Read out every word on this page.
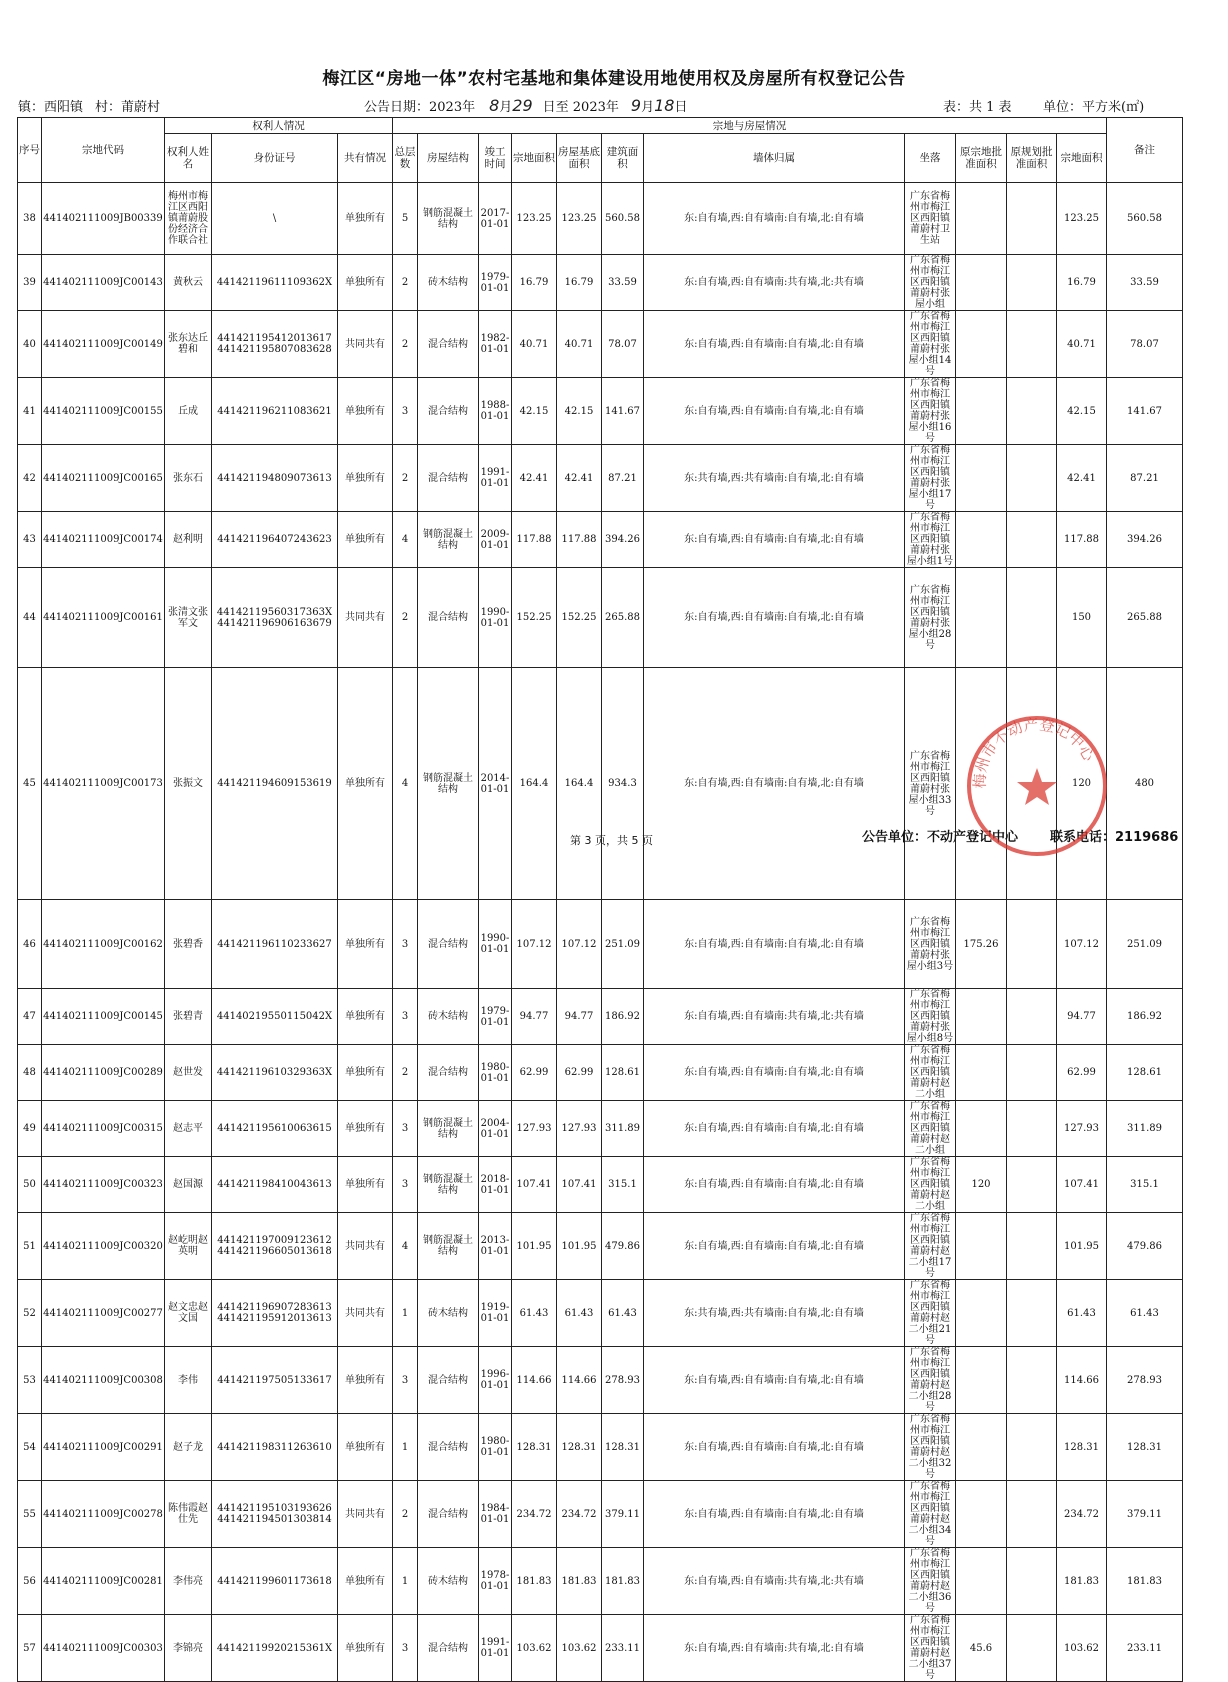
梅江区“房地一体”农村宅基地和集体建设用地使用权及房屋所有权登记公告
镇：西阳镇 村：莆蔚村	公告日期：2023年 8月29 日至 2023年 9月18日	表：共 1 表 单位：平方米(㎡)
序号	宗地代码	权利人情况			宗地与房屋情况											备注	
		权利人姓名	身份证号	共有情况	总层数	房屋结构	竣工时间	宗地面积	房屋基底面积	建筑面积	墙体归属	坐落	原宗地批准面积	原规划批准面积	宗地面积	
38	441402111009JB00339	梅州市梅江区西阳镇莆蔚股份经济合作联合社	\	单独所有	5	钢筋混凝土结构	2017-01-01	123.25	123.25	560.58	东:自有墙,西:自有墙南:自有墙,北:自有墙	广东省梅州市梅江区西阳镇莆蔚村卫生站			123.25	560.58	
39	441402111009JC00143	黄秋云	44142119611109362X	单独所有	2	砖木结构	1979-01-01	16.79	16.79	33.59	东:自有墙,西:自有墙南:共有墙,北:共有墙	广东省梅州市梅江区西阳镇莆蔚村张屋小组			16.79	33.59	
40	441402111009JC00149	张东达丘碧和	441421195412013617 441421195807083628	共同共有	2	混合结构	1982-01-01	40.71	40.71	78.07	东:自有墙,西:自有墙南:自有墙,北:自有墙	广东省梅州市梅江区西阳镇莆蔚村张屋小组14号			40.71	78.07	
41	441402111009JC00155	丘成	441421196211083621	单独所有	3	混合结构	1988-01-01	42.15	42.15	141.67	东:自有墙,西:自有墙南:自有墙,北:自有墙	广东省梅州市梅江区西阳镇莆蔚村张屋小组16号			42.15	141.67	
42	441402111009JC00165	张东石	441421194809073613	单独所有	2	混合结构	1991-01-01	42.41	42.41	87.21	东:共有墙,西:共有墙南:自有墙,北:自有墙	广东省梅州市梅江区西阳镇莆蔚村张屋小组17号			42.41	87.21	
43	441402111009JC00174	赵利明	441421196407243623	单独所有	4	钢筋混凝土结构	2009-01-01	117.88	117.88	394.26	东:自有墙,西:自有墙南:自有墙,北:自有墙	广东省梅州市梅江区西阳镇莆蔚村张屋小组1号			117.88	394.26	
44	441402111009JC00161	张清文张军文	44142119560317363X 441421196906163679	共同共有	2	混合结构	1990-01-01	152.25	152.25	265.88	东:自有墙,西:自有墙南:自有墙,北:自有墙	广东省梅州市梅江区西阳镇莆蔚村张屋小组28号			150	265.88	
45	441402111009JC00173	张振文	441421194609153619	单独所有	4	钢筋混凝土结构	2014-01-01	164.4	164.4	934.3	东:自有墙,西:自有墙南:自有墙,北:自有墙	广东省梅州市梅江区西阳镇莆蔚村张屋小组33号			120	480	
46	441402111009JC00162	张碧香	441421196110233627	单独所有	3	混合结构	1990-01-01	107.12	107.12	251.09	东:自有墙,西:自有墙南:自有墙,北:自有墙	广东省梅州市梅江区西阳镇莆蔚村张屋小组3号	175.26		107.12	251.09	
47	441402111009JC00145	张碧青	44140219550115042X	单独所有	3	砖木结构	1979-01-01	94.77	94.77	186.92	东:自有墙,西:自有墙南:共有墙,北:共有墙	广东省梅州市梅江区西阳镇莆蔚村张屋小组8号			94.77	186.92	
48	441402111009JC00289	赵世发	44142119610329363X	单独所有	2	混合结构	1980-01-01	62.99	62.99	128.61	东:自有墙,西:自有墙南:自有墙,北:自有墙	广东省梅州市梅江区西阳镇莆蔚村赵二小组			62.99	128.61	
49	441402111009JC00315	赵志平	441421195610063615	单独所有	3	钢筋混凝土结构	2004-01-01	127.93	127.93	311.89	东:自有墙,西:自有墙南:自有墙,北:自有墙	广东省梅州市梅江区西阳镇莆蔚村赵二小组			127.93	311.89	
50	441402111009JC00323	赵国源	441421198410043613	单独所有	3	钢筋混凝土结构	2018-01-01	107.41	107.41	315.1	东:自有墙,西:自有墙南:自有墙,北:自有墙	广东省梅州市梅江区西阳镇莆蔚村赵二小组	120		107.41	315.1	
51	441402111009JC00320	赵屹明赵英明	441421197009123612 441421196605013618	共同共有	4	钢筋混凝土结构	2013-01-01	101.95	101.95	479.86	东:自有墙,西:自有墙南:自有墙,北:自有墙	广东省梅州市梅江区西阳镇莆蔚村赵二小组17号			101.95	479.86	
52	441402111009JC00277	赵文忠赵文国	441421196907283613 441421195912013613	共同共有	1	砖木结构	1919-01-01	61.43	61.43	61.43	东:共有墙,西:共有墙南:自有墙,北:自有墙	广东省梅州市梅江区西阳镇莆蔚村赵二小组21号			61.43	61.43	
53	441402111009JC00308	李伟	441421197505133617	单独所有	3	混合结构	1996-01-01	114.66	114.66	278.93	东:自有墙,西:自有墙南:自有墙,北:自有墙	广东省梅州市梅江区西阳镇莆蔚村赵二小组28号			114.66	278.93	
54	441402111009JC00291	赵子龙	441421198311263610	单独所有	1	混合结构	1980-01-01	128.31	128.31	128.31	东:自有墙,西:自有墙南:自有墙,北:自有墙	广东省梅州市梅江区西阳镇莆蔚村赵二小组32号			128.31	128.31	
55	441402111009JC00278	陈伟霞赵仕先	441421195103193626 441421194501303814	共同共有	2	混合结构	1984-01-01	234.72	234.72	379.11	东:自有墙,西:自有墙南:自有墙,北:自有墙	广东省梅州市梅江区西阳镇莆蔚村赵二小组34号			234.72	379.11	
56	441402111009JC00281	李伟亮	441421199601173618	单独所有	1	砖木结构	1978-01-01	181.83	181.83	181.83	东:自有墙,西:自有墙南:共有墙,北:共有墙	广东省梅州市梅江区西阳镇莆蔚村赵二小组36号			181.83	181.83	
57	441402111009JC00303	李锦亮	44142119920215361X	单独所有	3	混合结构	1991-01-01	103.62	103.62	233.11	东:自有墙,西:自有墙南:共有墙,北:自有墙	广东省梅州市梅江区西阳镇莆蔚村赵二小组37号	45.6		103.62	233.11	
第 3 页，共 5 页	公告单位：不动产登记中心 联系电话：2119686
梅州市不动产登记中心
